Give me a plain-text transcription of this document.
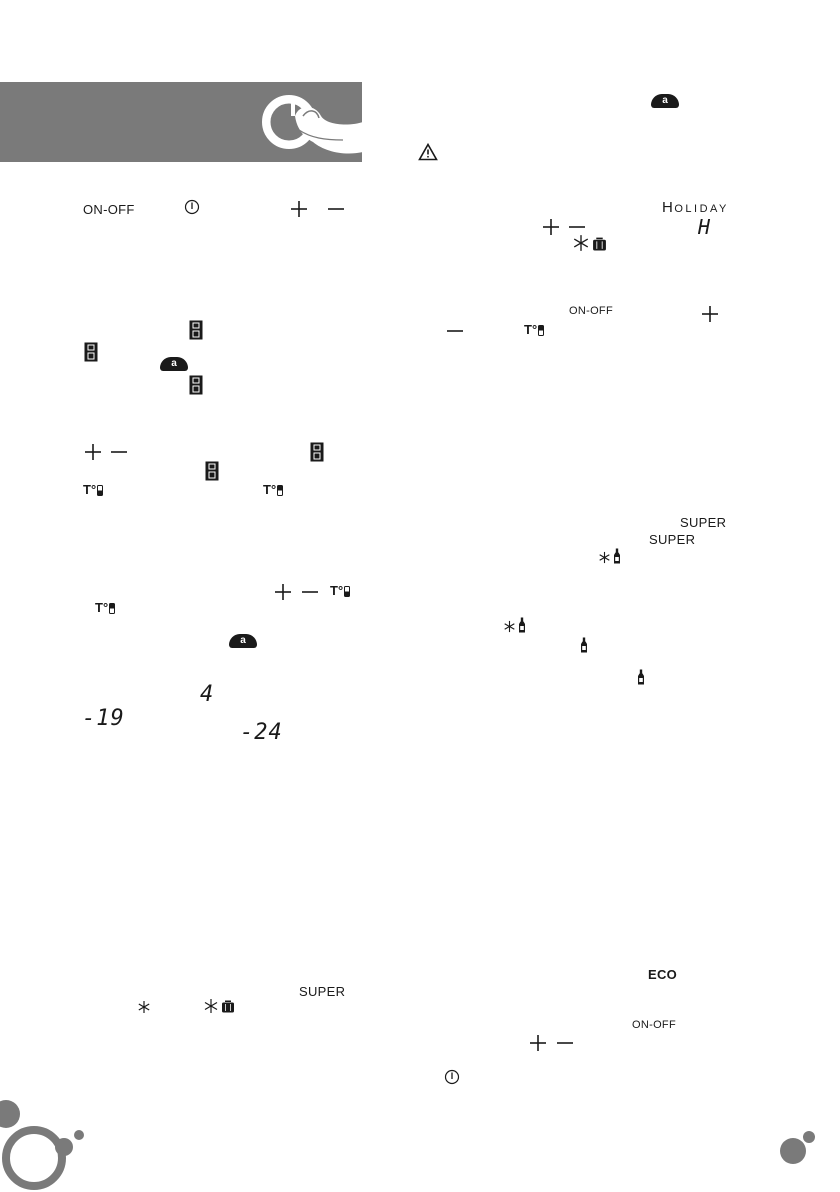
ON-OFF
a
T°	T°
T°
T°
a
4
-19
-24
SUPER
a
HOLIDAY
H
ON-OFF
T°
SUPER
SUPER
ECO
ON-OFF
